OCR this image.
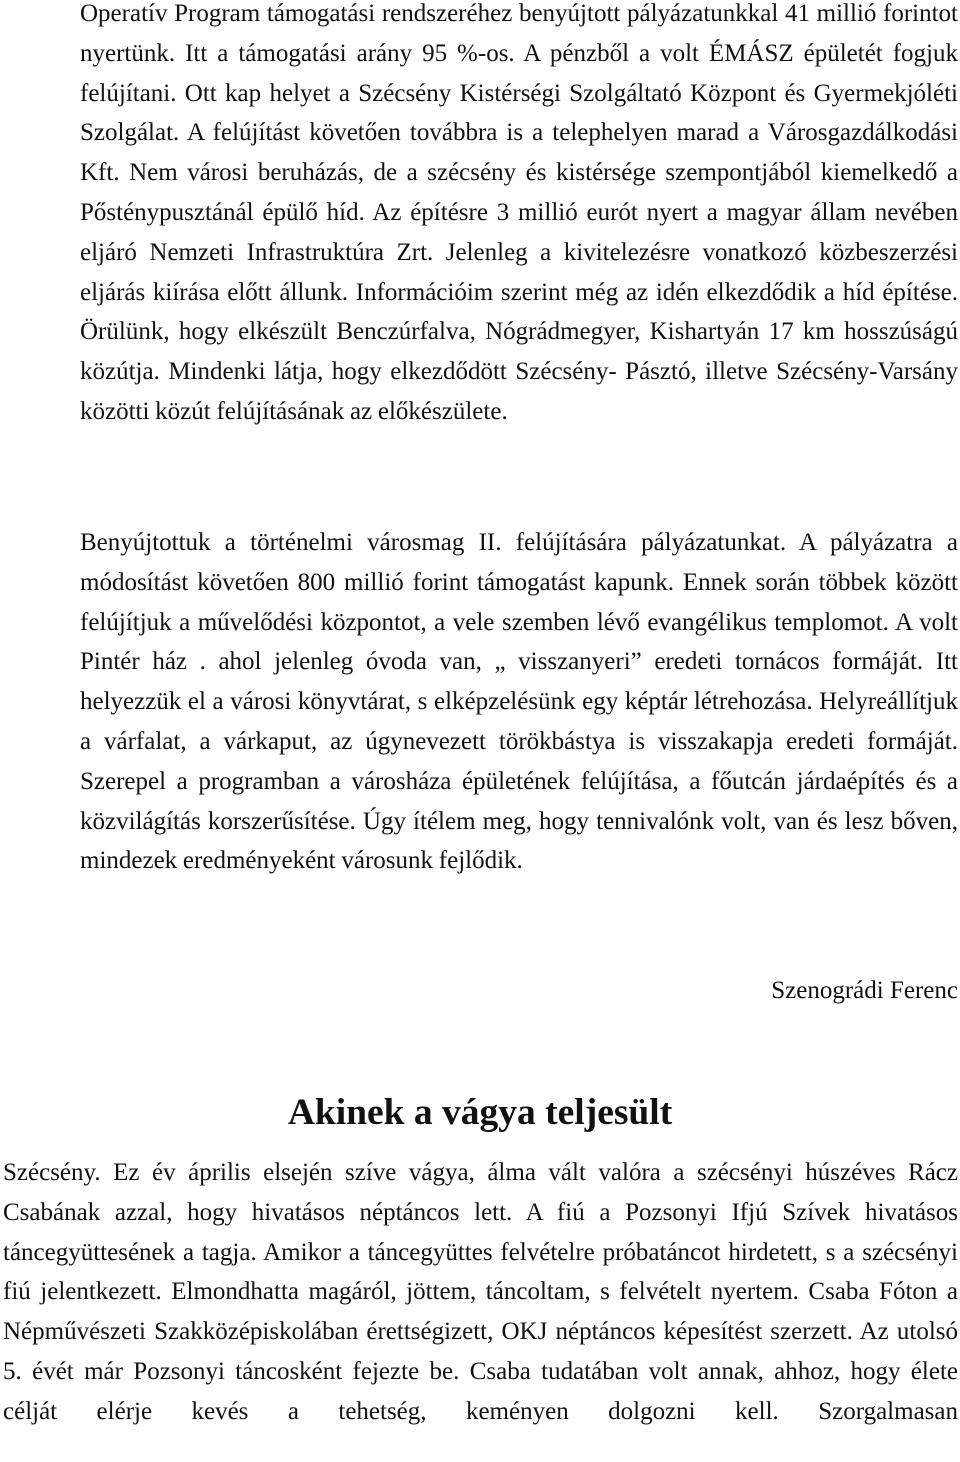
Operatív Program támogatási rendszeréhez benyújtott pályázatunkkal 41 millió forintot nyertünk. Itt a támogatási arány 95 %-os. A pénzből a volt ÉMÁSZ épületét fogjuk felújítani. Ott kap helyet a Szécsény Kistérségi Szolgáltató Központ és Gyermekjóléti Szolgálat. A felújítást követően továbbra is a telephelyen marad a Városgazdálkodási Kft. Nem városi beruházás, de a szécsény és kistérsége szempontjából kiemelkedő a Pősténypusztánál épülő híd. Az építésre 3 millió eurót nyert a magyar állam nevében eljáró Nemzeti Infrastruktúra Zrt. Jelenleg a kivitelezésre vonatkozó közbeszerzési eljárás kiírása előtt állunk. Információim szerint még az idén elkezdődik a híd építése. Örülünk, hogy elkészült Benczúrfalva, Nógrádmegyer, Kishartyán 17 km hosszúságú közútja. Mindenki látja, hogy elkezdődött Szécsény- Pásztó, illetve Szécsény-Varsány közötti közút felújításának az előkészülete.

Benyújtottuk a történelmi városmag II. felújítására pályázatunkat. A pályázatra a módosítást követően 800 millió forint támogatást kapunk. Ennek során többek között felújítjuk a művelődési központot, a vele szemben lévő evangélikus templomot. A volt Pintér ház . ahol jelenleg óvoda van, „ visszanyeri” eredeti tornácos formáját. Itt helyezzük el a városi könyvtárat, s elképzelésünk egy képtár létrehozása. Helyreállítjuk a várfalat, a várkaput, az úgynevezett törökbástya is visszakapja eredeti formáját. Szerepel a programban a városháza épületének felújítása, a főutcán járdaépítés és a közvilágítás korszerűsítése. Úgy ítélem meg, hogy tennivalónk volt, van és lesz bőven, mindezek eredményeként városunk fejlődik.

Szenográdi Ferenc

Akinek a vágya teljesült

Szécsény. Ez év április elsején szíve vágya, álma vált valóra a szécsényi húszéves Rácz Csabának azzal, hogy hivatásos néptáncos lett. A fiú a Pozsonyi Ifjú Szívek hivatásos táncegyüttesének a tagja. Amikor a táncegyüttes felvételre próbatáncot hirdetett, s a szécsényi fiú jelentkezett. Elmondhatta magáról, jöttem, táncoltam, s felvételt nyertem. Csaba Fóton a Népművészeti Szakközépiskolában érettségizett, OKJ néptáncos képesítést szerzett. Az utolsó 5. évét már Pozsonyi táncosként fejezte be. Csaba tudatában volt annak, ahhoz, hogy élete célját elérje kevés a tehetség, keményen dolgozni kell. Szorgalmasan
